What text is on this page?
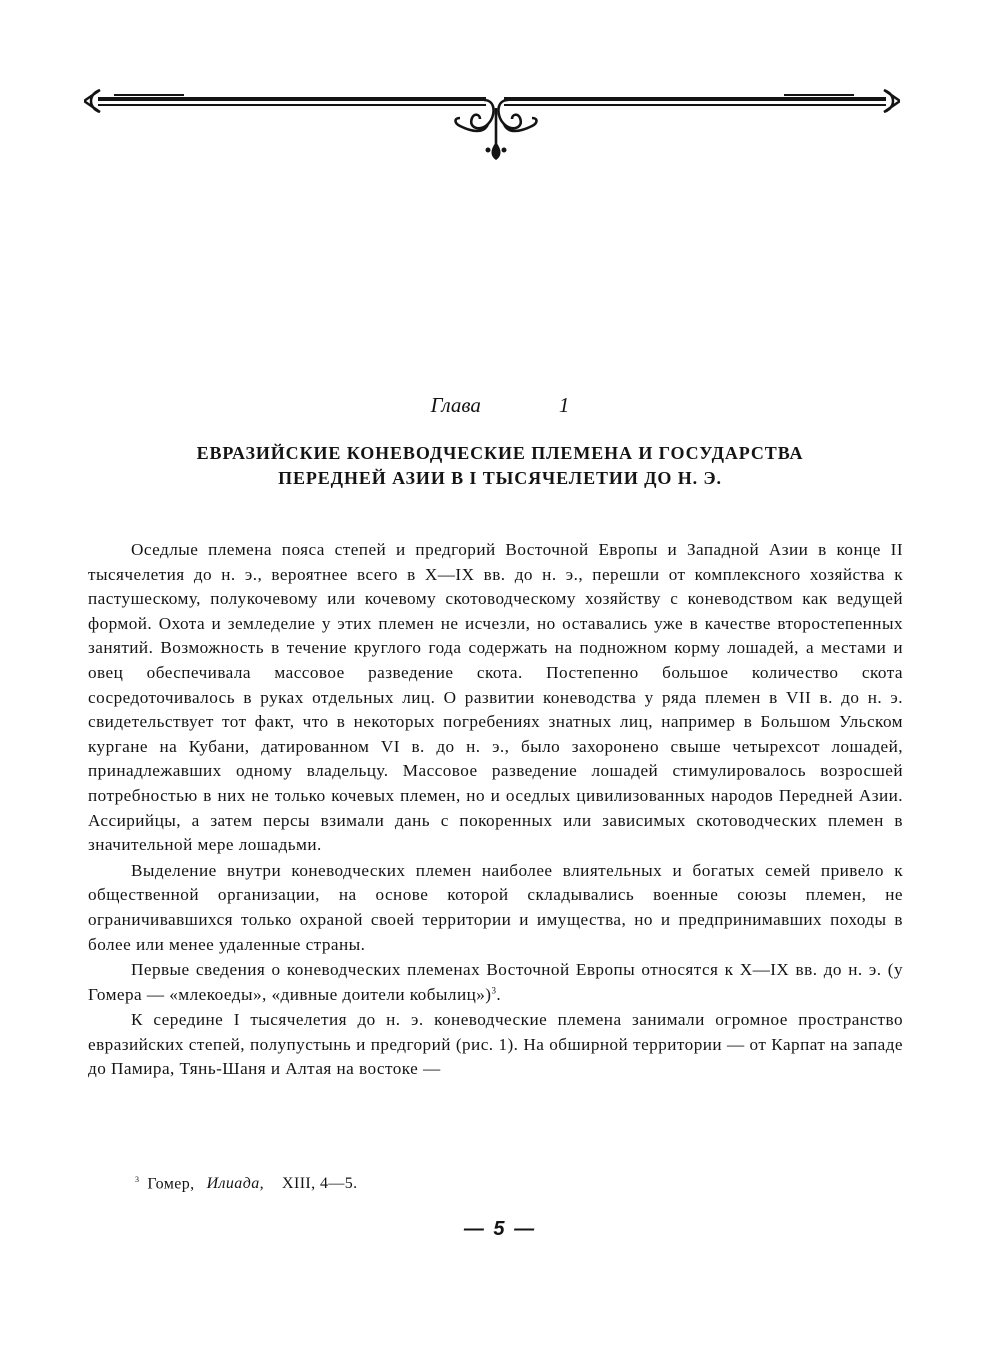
Глава	1
ЕВРАЗИЙСКИЕ КОНЕВОДЧЕСКИЕ ПЛЕМЕНА И ГОСУДАРСТВА
ПЕРЕДНЕЙ АЗИИ В I ТЫСЯЧЕЛЕТИИ ДО Н. Э.

Оседлые племена пояса степей и предгорий Восточной Европы и Западной Азии в конце II тысячелетия до н. э., вероятнее всего в X—IX вв. до н. э., перешли от комплексного хозяйства к пастушескому, полукочевому или кочевому скотоводческому хозяйству с коневодством как ведущей формой. Охота и земледелие у этих племен не исчезли, но оставались уже в качестве второстепенных занятий. Возможность в течение круглого года содержать на подножном корму лошадей, а местами и овец обеспечивала массовое разведение скота. Постепенно большое количество скота сосредоточивалось в руках отдельных лиц. О развитии коневодства у ряда племен в VII в. до н. э. свидетельствует тот факт, что в некоторых погребениях знатных лиц, например в Большом Ульском кургане на Кубани, датированном VI в. до н. э., было захоронено свыше четырехсот лошадей, принадлежавших одному владельцу. Массовое разведение лошадей стимулировалось возросшей потребностью в них не только кочевых племен, но и оседлых цивилизованных народов Передней Азии. Ассирийцы, а затем персы взимали дань с покоренных или зависимых скотоводческих племен в значительной мере лошадьми.

Выделение внутри коневодческих племен наиболее влиятельных и богатых семей привело к общественной организации, на основе которой складывались военные союзы племен, не ограничивавшихся только охраной своей территории и имущества, но и предпринимавших походы в более или менее удаленные страны.

Первые сведения о коневодческих племенах Восточной Европы относятся к X—IX вв. до н. э. (у Гомера — «млекоеды», «дивные доители кобылиц»)$^3$.

К середине I тысячелетия до н. э. коневодческие племена занимали огромное пространство евразийских степей, полупустынь и предгорий (рис. 1). На обширной территории — от Карпат на западе до Памира, Тянь-Шаня и Алтая на востоке —

$^3$ Гомер, Илиада, XIII, 4—5.
— 5 —
